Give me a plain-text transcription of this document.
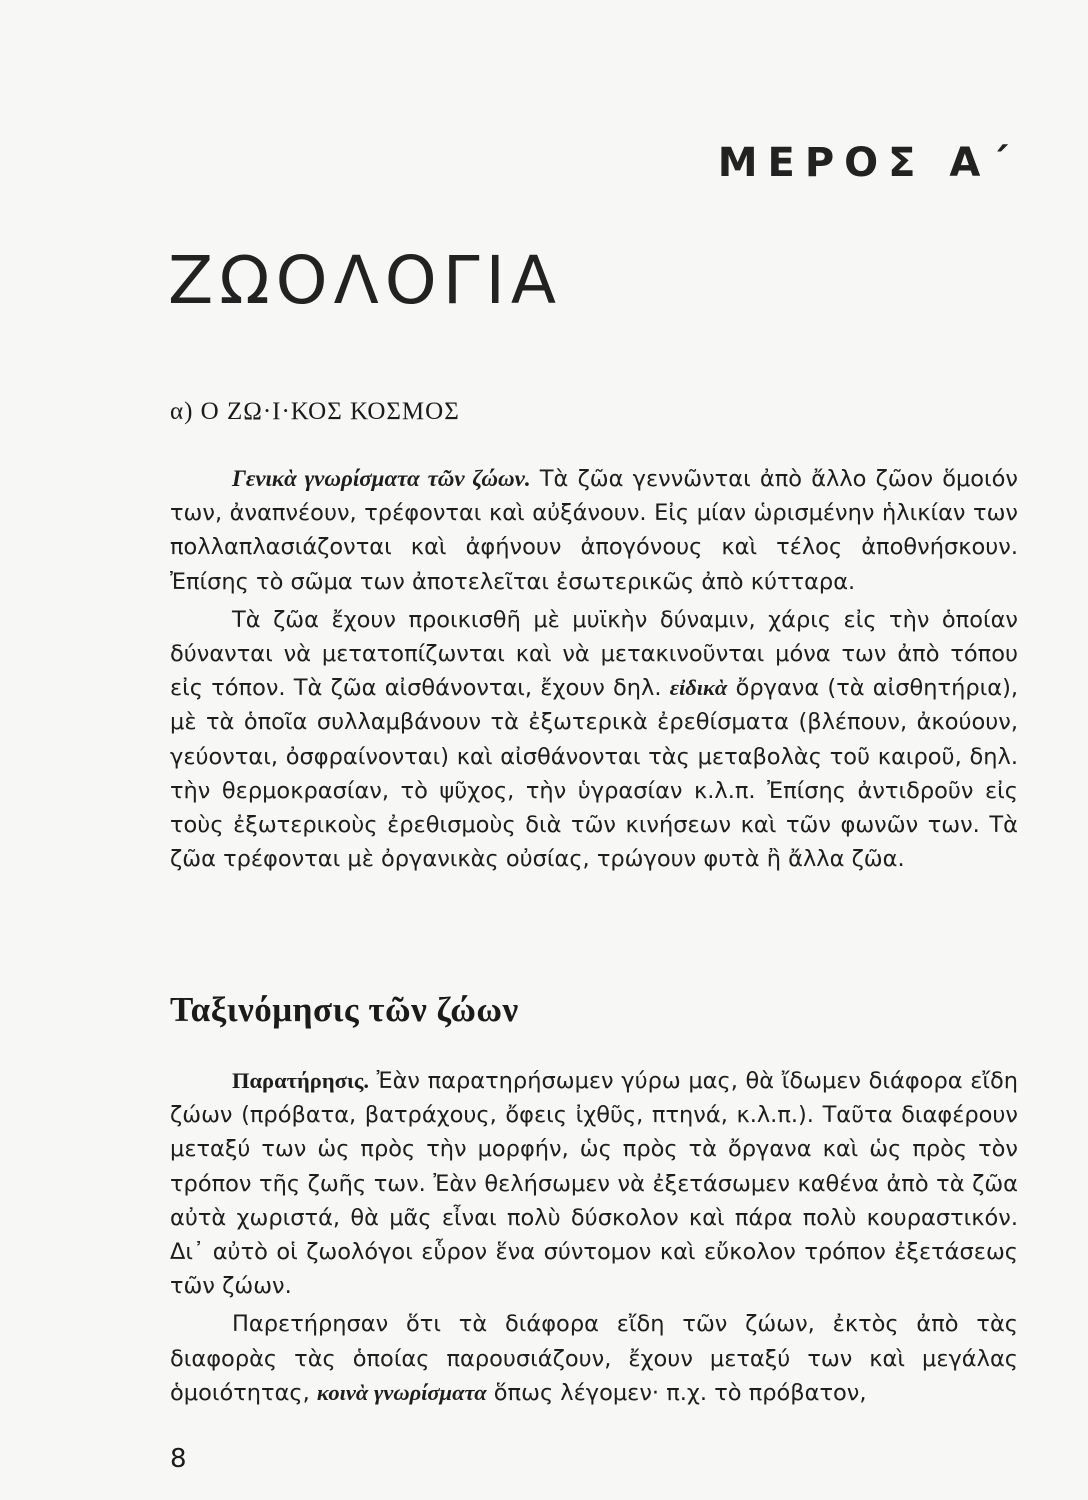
ΜΕΡΟΣ Α΄
ΖΩΟΛΟΓΙΑ
α) Ο ΖΩ·Ι·ΚΟΣ ΚΟΣΜΟΣ

Γενικὰ γνωρίσματα τῶν ζώων. Τὰ ζῶα γεννῶνται ἀπὸ ἄλλο ζῶον ὅμοιόν των, ἀναπνέουν, τρέφονται καὶ αὐξάνουν. Εἰς μίαν ὡρισμένην ἡλικίαν των πολλαπλασιάζονται καὶ ἀφήνουν ἀπογόνους καὶ τέλος ἀποθνήσκουν. Ἐπίσης τὸ σῶμα των ἀποτελεῖται ἐσωτερικῶς ἀπὸ κύτταρα.

Τὰ ζῶα ἔχουν προικισθῆ μὲ μυϊκὴν δύναμιν, χάρις εἰς τὴν ὁποίαν δύνανται νὰ μετατοπίζωνται καὶ νὰ μετακινοῦνται μόνα των ἀπὸ τόπου εἰς τόπον. Τὰ ζῶα αἰσθάνονται, ἔχουν δηλ. εἰδικὰ ὄργανα (τὰ αἰσθητήρια), μὲ τὰ ὁποῖα συλλαμβάνουν τὰ ἐξωτερικὰ ἐρεθίσματα (βλέπουν, ἀκούουν, γεύονται, ὀσφραίνονται) καὶ αἰσθάνονται τὰς μεταβολὰς τοῦ καιροῦ, δηλ. τὴν θερμοκρασίαν, τὸ ψῦχος, τὴν ὑγρασίαν κ.λ.π. Ἐπίσης ἀντιδροῦν εἰς τοὺς ἐξωτερικοὺς ἐρεθισμοὺς διὰ τῶν κινήσεων καὶ τῶν φωνῶν των. Τὰ ζῶα τρέφονται μὲ ὀργανικὰς οὐσίας, τρώγουν φυτὰ ἢ ἄλλα ζῶα.

Ταξινόμησις τῶν ζώων

Παρατήρησις. Ἐὰν παρατηρήσωμεν γύρω μας, θὰ ἴδωμεν διάφορα εἴδη ζώων (πρόβατα, βατράχους, ὄφεις ἰχθῦς, πτηνά, κ.λ.π.). Ταῦτα διαφέρουν μεταξύ των ὡς πρὸς τὴν μορφήν, ὡς πρὸς τὰ ὄργανα καὶ ὡς πρὸς τὸν τρόπον τῆς ζωῆς των. Ἐὰν θελήσωμεν νὰ ἐξετάσωμεν καθένα ἀπὸ τὰ ζῶα αὐτὰ χωριστά, θὰ μᾶς εἶναι πολὺ δύσκολον καὶ πάρα πολὺ κουραστικόν. Δι᾽ αὐτὸ οἱ ζωολόγοι εὗρον ἕνα σύντομον καὶ εὔκολον τρόπον ἐξετάσεως τῶν ζώων.

Παρετήρησαν ὅτι τὰ διάφορα εἴδη τῶν ζώων, ἐκτὸς ἀπὸ τὰς διαφορὰς τὰς ὁποίας παρουσιάζουν, ἔχουν μεταξύ των καὶ μεγάλας ὁμοιότητας, κοινὰ γνωρίσματα ὅπως λέγομεν· π.χ. τὸ πρόβατον,

8
